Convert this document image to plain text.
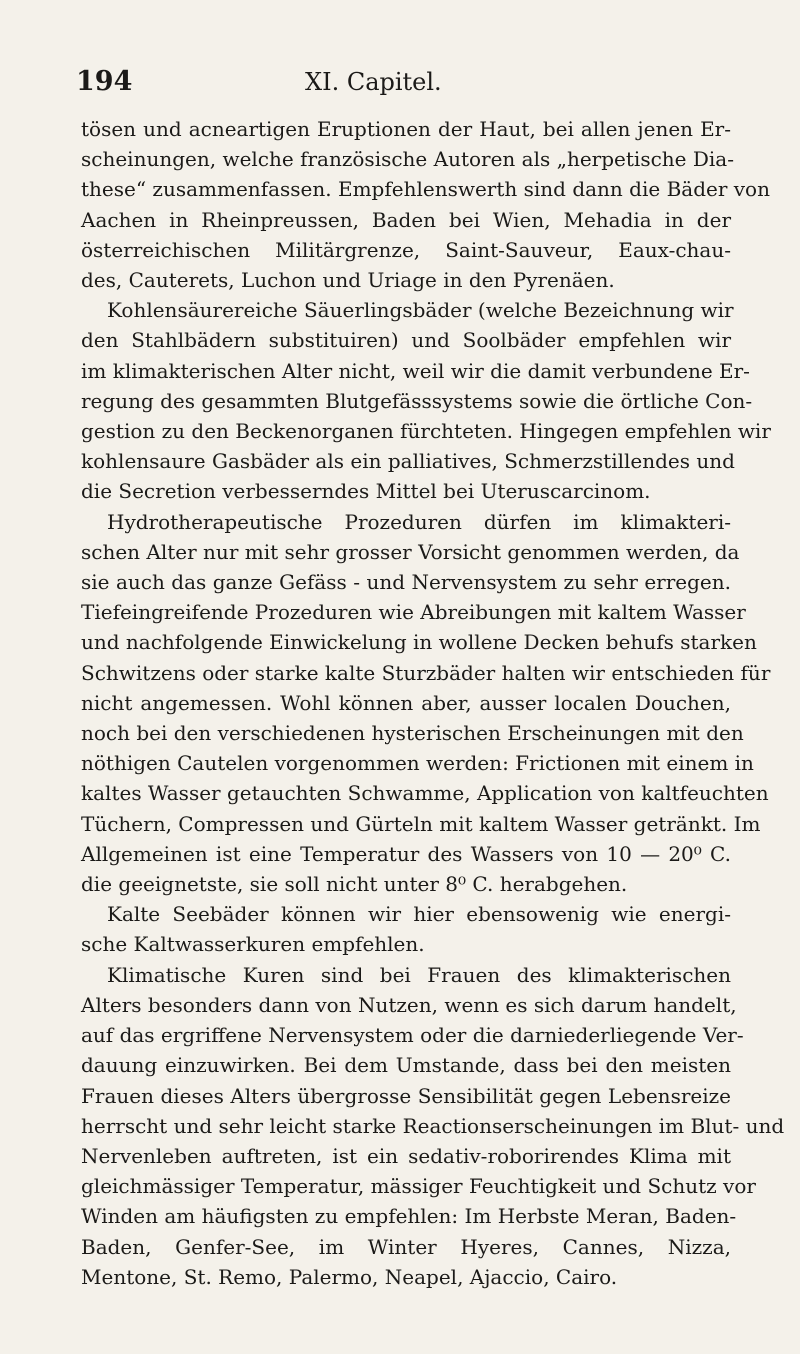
194	XI. Capitel.
tösen und acneartigen Eruptionen der Haut, bei allen jenen Er-
scheinungen, welche französische Autoren als „herpetische Dia-
these“ zusammenfassen. Empfehlenswerth sind dann die Bäder von
Aachen in Rheinpreussen, Baden bei Wien, Mehadia in der
österreichischen Militärgrenze, Saint-Sauveur, Eaux-chau-
des, Cauterets, Luchon und Uriage in den Pyrenäen.
Kohlensäurereiche Säuerlingsbäder (welche Bezeichnung wir
den Stahlbädern substituiren) und Soolbäder empfehlen wir
im klimakterischen Alter nicht, weil wir die damit verbundene Er-
regung des gesammten Blutgefässsystems sowie die örtliche Con-
gestion zu den Beckenorganen fürchteten. Hingegen empfehlen wir
kohlensaure Gasbäder als ein palliatives, Schmerzstillendes und
die Secretion verbesserndes Mittel bei Uteruscarcinom.
Hydrotherapeutische Prozeduren dürfen im klimakteri-
schen Alter nur mit sehr grosser Vorsicht genommen werden, da
sie auch das ganze Gefäss - und Nervensystem zu sehr erregen.
Tiefeingreifende Prozeduren wie Abreibungen mit kaltem Wasser
und nachfolgende Einwickelung in wollene Decken behufs starken
Schwitzens oder starke kalte Sturzbäder halten wir entschieden für
nicht angemessen. Wohl können aber, ausser localen Douchen,
noch bei den verschiedenen hysterischen Erscheinungen mit den
nöthigen Cautelen vorgenommen werden: Frictionen mit einem in
kaltes Wasser getauchten Schwamme, Application von kaltfeuchten
Tüchern, Compressen und Gürteln mit kaltem Wasser getränkt. Im
Allgemeinen ist eine Temperatur des Wassers von 10 — 20⁰ C.
die geeignetste, sie soll nicht unter 8⁰ C. herabgehen.
Kalte Seebäder können wir hier ebensowenig wie energi-
sche Kaltwasserkuren empfehlen.
Klimatische Kuren sind bei Frauen des klimakterischen
Alters besonders dann von Nutzen, wenn es sich darum handelt,
auf das ergriffene Nervensystem oder die darniederliegende Ver-
dauung einzuwirken. Bei dem Umstande, dass bei den meisten
Frauen dieses Alters übergrosse Sensibilität gegen Lebensreize
herrscht und sehr leicht starke Reactionserscheinungen im Blut- und
Nervenleben auftreten, ist ein sedativ-roborirendes Klima mit
gleichmässiger Temperatur, mässiger Feuchtigkeit und Schutz vor
Winden am häufigsten zu empfehlen: Im Herbste Meran, Baden-
Baden, Genfer-See, im Winter Hyeres, Cannes, Nizza,
Mentone, St. Remo, Palermo, Neapel, Ajaccio, Cairo.
